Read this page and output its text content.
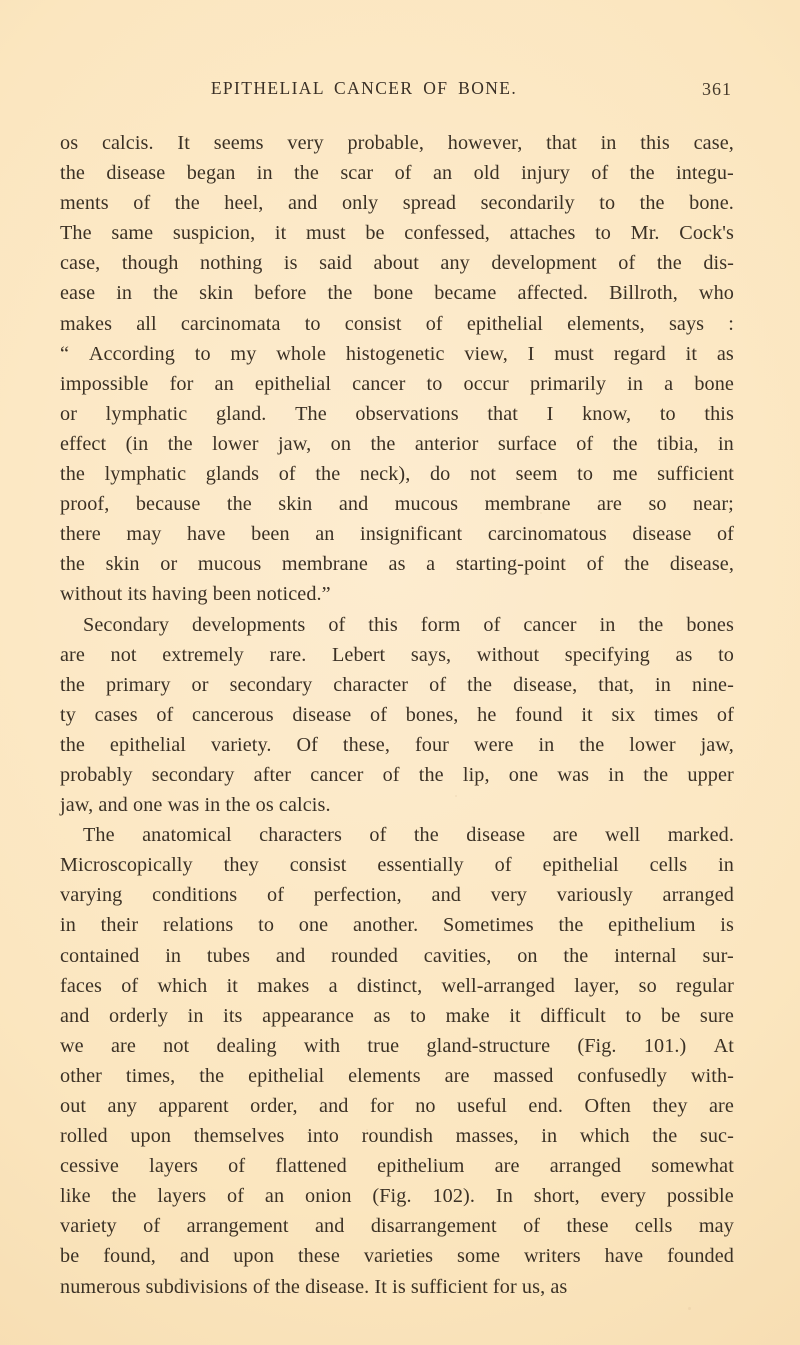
EPITHELIAL CANCER OF BONE.	361
os calcis. It seems very probable, however, that in this case,
the disease began in the scar of an old injury of the integu-
ments of the heel, and only spread secondarily to the bone.
The same suspicion, it must be confessed, attaches to Mr. Cock's
case, though nothing is said about any development of the dis-
ease in the skin before the bone became affected. Billroth, who
makes all carcinomata to consist of epithelial elements, says :
“ According to my whole histogenetic view, I must regard it as
impossible for an epithelial cancer to occur primarily in a bone
or lymphatic gland. The observations that I know, to this
effect (in the lower jaw, on the anterior surface of the tibia, in
the lymphatic glands of the neck), do not seem to me sufficient
proof, because the skin and mucous membrane are so near;
there may have been an insignificant carcinomatous disease of
the skin or mucous membrane as a starting-point of the disease,
without its having been noticed.”
Secondary developments of this form of cancer in the bones
are not extremely rare. Lebert says, without specifying as to
the primary or secondary character of the disease, that, in nine-
ty cases of cancerous disease of bones, he found it six times of
the epithelial variety. Of these, four were in the lower jaw,
probably secondary after cancer of the lip, one was in the upper
jaw, and one was in the os calcis.
The anatomical characters of the disease are well marked.
Microscopically they consist essentially of epithelial cells in
varying conditions of perfection, and very variously arranged
in their relations to one another. Sometimes the epithelium is
contained in tubes and rounded cavities, on the internal sur-
faces of which it makes a distinct, well-arranged layer, so regular
and orderly in its appearance as to make it difficult to be sure
we are not dealing with true gland-structure (Fig. 101.) At
other times, the epithelial elements are massed confusedly with-
out any apparent order, and for no useful end. Often they are
rolled upon themselves into roundish masses, in which the suc-
cessive layers of flattened epithelium are arranged somewhat
like the layers of an onion (Fig. 102). In short, every possible
variety of arrangement and disarrangement of these cells may
be found, and upon these varieties some writers have founded
numerous subdivisions of the disease. It is sufficient for us, as
